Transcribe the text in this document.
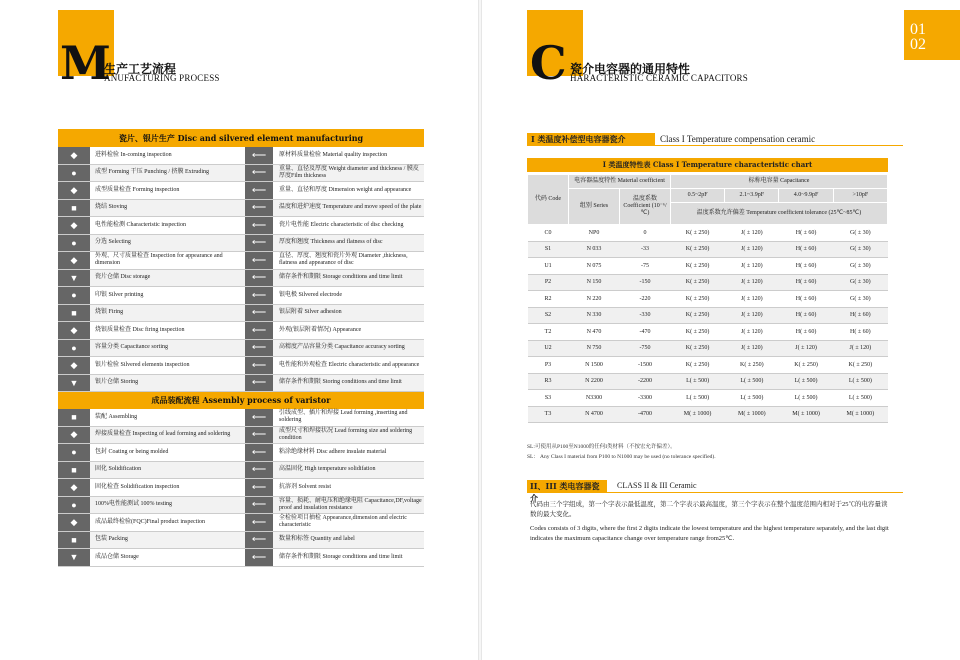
M
生产工艺流程
ANUFACTURING PROCESS
瓷片、银片生产 Disc and silvered element manufacturing
◆	进料检验 In-coming inspection	⟵	原材料质量检验 Material quality inspection
●	成型 Forming 干压 Punching / 挤膜 Extruding	⟵	重量、直径及厚度 Weight diameter and thickness / 膜皮厚度Film thickness
◆	成型质量检查 Forming inspection	⟵	重量、直径和厚度 Dimension weight and appearance
■	烧结 Stoving	⟵	温度和进炉速度 Temperature and move speed of the plate
◆	电性能检测 Characteristic inspection	⟵	瓷片电性能 Electric characteristic of disc checking
●	分选 Selecting	⟵	厚度和翘度 Thickness and flatness of disc
◆	外观、尺寸质量检查 Inspection for appearance and dimension	⟵	直径、厚度、翘度和瓷片外观 Diameter ,thickness, flatness and appearance of disc
▼	瓷片仓储 Disc storage	⟵	储存条件和期限 Storage conditions and time limit
●	印银 Silver printing	⟵	银电极 Silvered electrode
■	烧银 Firing	⟵	银层附着 Silver adhesion
◆	烧银质量检查 Disc firing inspection	⟵	外观(银层附着情况) Appearance
●	容量分类 Capacitance sorting	⟵	高精度产品容量分类 Capacitance accuracy sorting
◆	银片检验 Silvered elements inspection	⟵	电性能和外观检查 Electric characteristic and appearance
▼	银片仓储 Storing	⟵	储存条件和期限 Storing conditions and time limit
成品装配流程 Assembly process of varistor
■	装配 Assembling	⟵	引线成型、插片和焊接 Lead forming ,inserting and soldering
◆	焊接质量检查 Inspecting of lead forming and soldering	⟵	成型尺寸和焊接状况 Lead forming size and soldering condition
●	包封 Coating or being molded	⟵	粘涂绝缘材料 Disc adhere insulate material
■	固化 Solidification	⟵	高温固化 High temperature solidifation
◆	固化检查 Solidification inspection	⟵	抗溶剂 Solvent resist
●	100%电性能测试 100% testing	⟵	容量、损耗、耐电压和绝缘电阻 Capacitance,DF,voltage proof and insulation resistance
◆	成品最终检验(FQC)Final product inspection	⟵	全检验项目抽检 Appearance,dimension and electric characteristic
■	包装 Packing	⟵	数量和标签 Quantity and label
▼	成品仓储 Storage	⟵	储存条件和期限 Storage conditions and time limit
C 瓷介电容器的通用特性
HARACTERISTIC CERAMIC CAPACITORS
01
02
I 类温度补偿型电容器瓷介	Class I Temperature compensation ceramic
I 类温度特性表 Class I Temperature characteristic chart
代码 Code	电容器温度特性 Material coefficient		标称电容量 Capacitance			
	组别 Series	温度系数 Coefficient (10⁻⁶/℃)	0.5~2pF	2.1~3.9pF	4.0~9.9pF	>10pF
			温度系数允许偏差 Temperature coefficient tolerance (25℃~85℃)			
C0	NP0	0	K( ± 250)	J( ± 120)	H( ± 60)	G( ± 30)
S1	N 033	-33	K( ± 250)	J( ± 120)	H( ± 60)	G( ± 30)
U1	N 075	-75	K( ± 250)	J( ± 120)	H( ± 60)	G( ± 30)
P2	N 150	-150	K( ± 250)	J( ± 120)	H( ± 60)	G( ± 30)
R2	N 220	-220	K( ± 250)	J( ± 120)	H( ± 60)	G( ± 30)
S2	N 330	-330	K( ± 250)	J( ± 120)	H( ± 60)	H( ± 60)
T2	N 470	-470	K( ± 250)	J( ± 120)	H( ± 60)	H( ± 60)
U2	N 750	-750	K( ± 250)	J( ± 120)	J( ± 120)	J( ± 120)
P3	N 1500	-1500	K( ± 250)	K( ± 250)	K( ± 250)	K( ± 250)
R3	N 2200	-2200	L( ± 500)	L( ± 500)	L( ± 500)	L( ± 500)
S3	N3300	-3300	L( ± 500)	L( ± 500)	L( ± 500)	L( ± 500)
T3	N 4700	-4700	M( ± 1000)	M( ± 1000)	M( ± 1000)	M( ± 1000)
SL:可使用从P100至N1000的任何I类材料（不按宏允许偏差）。
SL： Any Class I material from P100 to N1000 may be used (no tolerance specified).
II、III 类电容器瓷介
CLASS II & III Ceramic
代码由三个字组成，第一个字表示最低温度，第二个字表示最高温度，第三个字表示在整个温度范围内相对于25℃的电容量读数的最大变化。
Codes consists of 3 digits, where the first 2 digits indicate the lowest temperature and the highest temperature separately, and the last digit indicates the maximum capacitance change over temperature range from25℃.
